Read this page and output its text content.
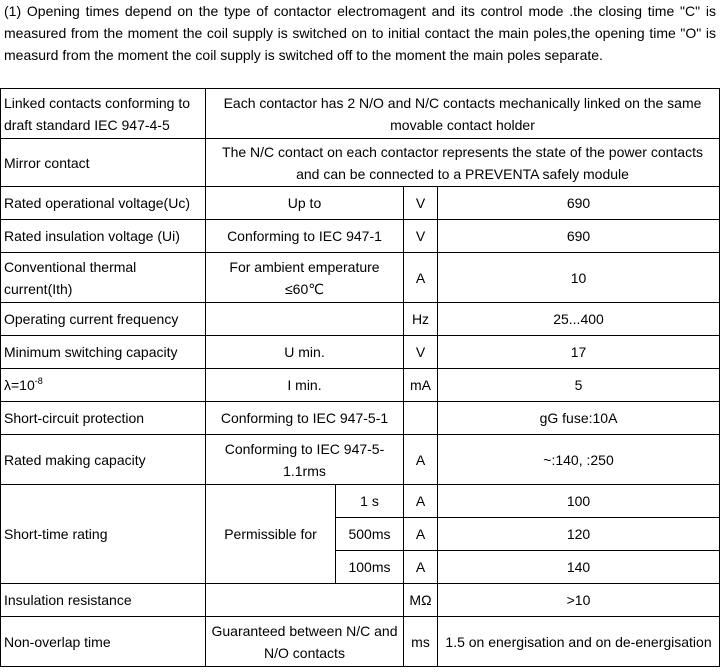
(1) Opening times depend on the type of contactor electromagent and its control mode .the closing time "C" is measured from the moment the coil supply is switched on to initial contact the main poles,the opening time "O" is measurd from the moment the coil supply is switched off to the moment the main poles separate.

Linked contacts conforming to draft standard IEC 947-4-5	Each contactor has 2 N/O and N/C contacts mechanically linked on the same movable contact holder			
Mirror contact	The N/C contact on each contactor represents the state of the power contacts and can be connected to a PREVENTA safely module			
Rated operational voltage(Uc)	Up to		V	690
Rated insulation voltage (Ui)	Conforming to IEC 947-1		V	690
Conventional thermal current(Ith)	For ambient emperature ≤60℃		A	10
Operating current frequency			Hz	25...400
Minimum switching capacity	U min.		V	17
$\lambda=10^{-8}$	I min.		mA	5
Short-circuit protection	Conforming to IEC 947-5-1			gG fuse:10A
Rated making capacity	Conforming to IEC 947-5-1.1rms		A	~:140, :250
Short-time rating	Permissible for	1 s	A	100
		500ms	A	120
		100ms	A	140
Insulation resistance			MΩ	>10
Non-overlap time	Guaranteed between N/C and N/O contacts		ms	1.5 on energisation and on de-energisation
